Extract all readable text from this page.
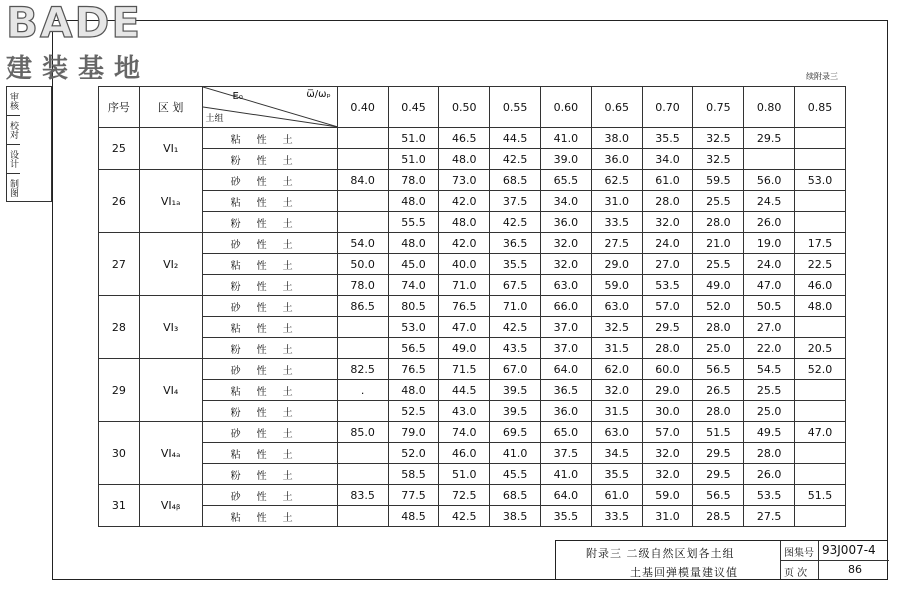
BADE
建装基地
审核
校对
设计
制图
续附录三
序号	区 划	E₀ ω̅/ωₚ
土组	0.40	0.45	0.50	0.55	0.60	0.65	0.70	0.75	0.80	0.85
25	VI₁	粘性土		51.0	46.5	44.5	41.0	38.0	35.5	32.5	29.5	
		粉性土		51.0	48.0	42.5	39.0	36.0	34.0	32.5		
26	VI₁ₐ	砂性土	84.0	78.0	73.0	68.5	65.5	62.5	61.0	59.5	56.0	53.0
		粘性土		48.0	42.0	37.5	34.0	31.0	28.0	25.5	24.5	
		粉性土		55.5	48.0	42.5	36.0	33.5	32.0	28.0	26.0	
27	VI₂	砂性土	54.0	48.0	42.0	36.5	32.0	27.5	24.0	21.0	19.0	17.5
		粘性土	50.0	45.0	40.0	35.5	32.0	29.0	27.0	25.5	24.0	22.5
		粉性土	78.0	74.0	71.0	67.5	63.0	59.0	53.5	49.0	47.0	46.0
28	VI₃	砂性土	86.5	80.5	76.5	71.0	66.0	63.0	57.0	52.0	50.5	48.0
		粘性土		53.0	47.0	42.5	37.0	32.5	29.5	28.0	27.0	
		粉性土		56.5	49.0	43.5	37.0	31.5	28.0	25.0	22.0	20.5
29	VI₄	砂性土	82.5	76.5	71.5	67.0	64.0	62.0	60.0	56.5	54.5	52.0
		粘性土	.	48.0	44.5	39.5	36.5	32.0	29.0	26.5	25.5	
		粉性土		52.5	43.0	39.5	36.0	31.5	30.0	28.0	25.0	
30	VI₄ₐ	砂性土	85.0	79.0	74.0	69.5	65.0	63.0	57.0	51.5	49.5	47.0
		粘性土		52.0	46.0	41.0	37.5	34.5	32.0	29.5	28.0	
		粉性土		58.5	51.0	45.5	41.0	35.5	32.0	29.5	26.0	
31	VI₄ᵦ	砂性土	83.5	77.5	72.5	68.5	64.0	61.0	59.0	56.5	53.5	51.5
		粘性土		48.5	42.5	38.5	35.5	33.5	31.0	28.5	27.5	
附录三 二级自然区划各土组
土基回弹模量建议值
图集号 93J007-4
页 次	86
